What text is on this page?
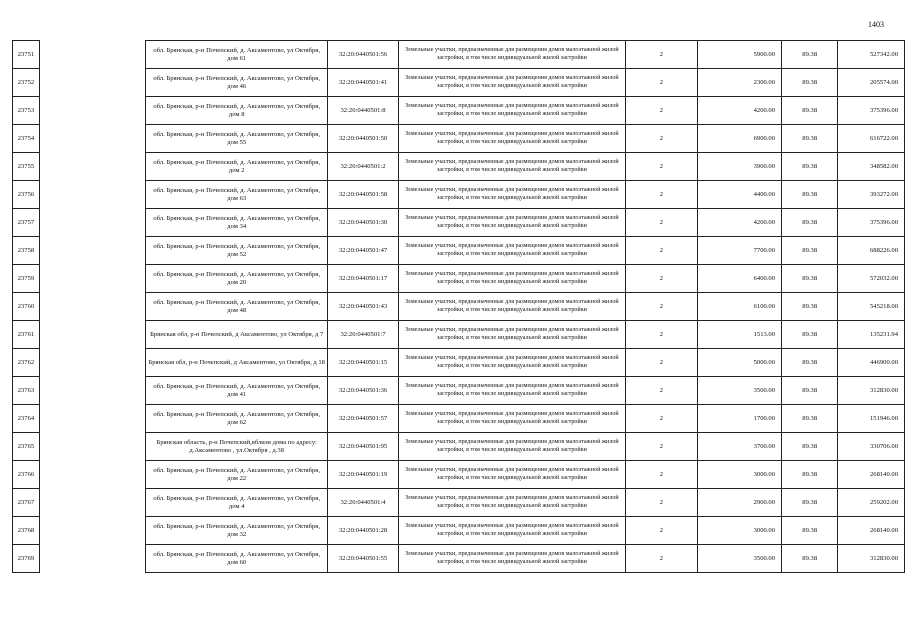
1403
23751		обл. Брянская, р-н Почепский, д. Аксаментово, ул Октября, дом 61	32:20:0440501:56	Земельные участки, предназначенные для размещения домов малоэтажной жилой застройки, в том числе индивидуальной жилой застройки	2	5900.00	89.38	527342.00
23752		обл. Брянская, р-н Почепский, д. Аксаментово, ул Октября, дом 46	32:20:0440501:41	Земельные участки, предназначенные для размещения домов малоэтажной жилой застройки, в том числе индивидуальной жилой застройки	2	2300.00	89.38	205574.00
23753		обл. Брянская, р-н Почепский, д. Аксаментово, ул Октября, дом 8	32:20:0440501:8	Земельные участки, предназначенные для размещения домов малоэтажной жилой застройки, в том числе индивидуальной жилой застройки	2	4200.00	89.38	375396.00
23754		обл. Брянская, р-н Почепский, д. Аксаментово, ул Октября, дом 55	32:20:0440501:50	Земельные участки, предназначенные для размещения домов малоэтажной жилой застройки, в том числе индивидуальной жилой застройки	2	6900.00	89.38	616722.00
23755		обл. Брянская, р-н Почепский, д. Аксаментово, ул Октября, дом 2	32:20:0440501:2	Земельные участки, предназначенные для размещения домов малоэтажной жилой застройки, в том числе индивидуальной жилой застройки	2	3900.00	89.38	348582.00
23756		обл. Брянская, р-н Почепский, д. Аксаментово, ул Октября, дом 63	32:20:0440501:58	Земельные участки, предназначенные для размещения домов малоэтажной жилой застройки, в том числе индивидуальной жилой застройки	2	4400.00	89.38	393272.00
23757		обл. Брянская, р-н Почепский, д. Аксаментово, ул Октября, дом 34	32:20:0440501:30	Земельные участки, предназначенные для размещения домов малоэтажной жилой застройки, в том числе индивидуальной жилой застройки	2	4200.00	89.38	375396.00
23758		обл. Брянская, р-н Почепский, д. Аксаментово, ул Октября, дом 52	32:20:0440501:47	Земельные участки, предназначенные для размещения домов малоэтажной жилой застройки, в том числе индивидуальной жилой застройки	2	7700.00	89.38	688226.00
23759		обл. Брянская, р-н Почепский, д. Аксаментово, ул Октября, дом 20	32:20:0440501:17	Земельные участки, предназначенные для размещения домов малоэтажной жилой застройки, в том числе индивидуальной жилой застройки	2	6400.00	89.38	572032.00
23760		обл. Брянская, р-н Почепский, д. Аксаментово, ул Октября, дом 48	32:20:0440501:43	Земельные участки, предназначенные для размещения домов малоэтажной жилой застройки, в том числе индивидуальной жилой застройки	2	6100.00	89.38	545218.00
23761		Брянская обл, р-н Почепский, д Аксаментово, ул Октября, д 7	32:20:0440501:7	Земельные участки, предназначенные для размещения домов малоэтажной жилой застройки, в том числе индивидуальной жилой застройки	2	1513.00	89.38	135231.94
23762		Брянская обл, р-н Почепский, д Аксаментово, ул Октября, д 18	32:20:0440501:15	Земельные участки, предназначенные для размещения домов малоэтажной жилой застройки, в том числе индивидуальной жилой застройки	2	5000.00	89.38	446900.00
23763		обл. Брянская, р-н Почепский, д. Аксаментово, ул Октября, дом 41	32:20:0440501:36	Земельные участки, предназначенные для размещения домов малоэтажной жилой застройки, в том числе индивидуальной жилой застройки	2	3500.00	89.38	312830.00
23764		обл. Брянская, р-н Почепский, д. Аксаментово, ул Октября, дом 62	32:20:0440501:57	Земельные участки, предназначенные для размещения домов малоэтажной жилой застройки, в том числе индивидуальной жилой застройки	2	1700.00	89.38	151946.00
23765		Брянская область, р-н Почепский,вблизи дома по адресу: д.Аксаментово , ул.Октября , д.38	32:20:0440501:95	Земельные участки, предназначенные для размещения домов малоэтажной жилой застройки, в том числе индивидуальной жилой застройки	2	3700.00	89.38	330706.00
23766		обл. Брянская, р-н Почепский, д. Аксаментово, ул Октября, дом 22	32:20:0440501:19	Земельные участки, предназначенные для размещения домов малоэтажной жилой застройки, в том числе индивидуальной жилой застройки	2	3000.00	89.38	268140.00
23767		обл. Брянская, р-н Почепский, д. Аксаментово, ул Октября, дом 4	32:20:0440501:4	Земельные участки, предназначенные для размещения домов малоэтажной жилой застройки, в том числе индивидуальной жилой застройки	2	2900.00	89.38	259202.00
23768		обл. Брянская, р-н Почепский, д. Аксаментово, ул Октября, дом 32	32:20:0440501:28	Земельные участки, предназначенные для размещения домов малоэтажной жилой застройки, в том числе индивидуальной жилой застройки	2	3000.00	89.38	268140.00
23769		обл. Брянская, р-н Почепский, д. Аксаментово, ул Октября, дом 60	32:20:0440501:55	Земельные участки, предназначенные для размещения домов малоэтажной жилой застройки, в том числе индивидуальной жилой застройки	2	3500.00	89.38	312830.00
